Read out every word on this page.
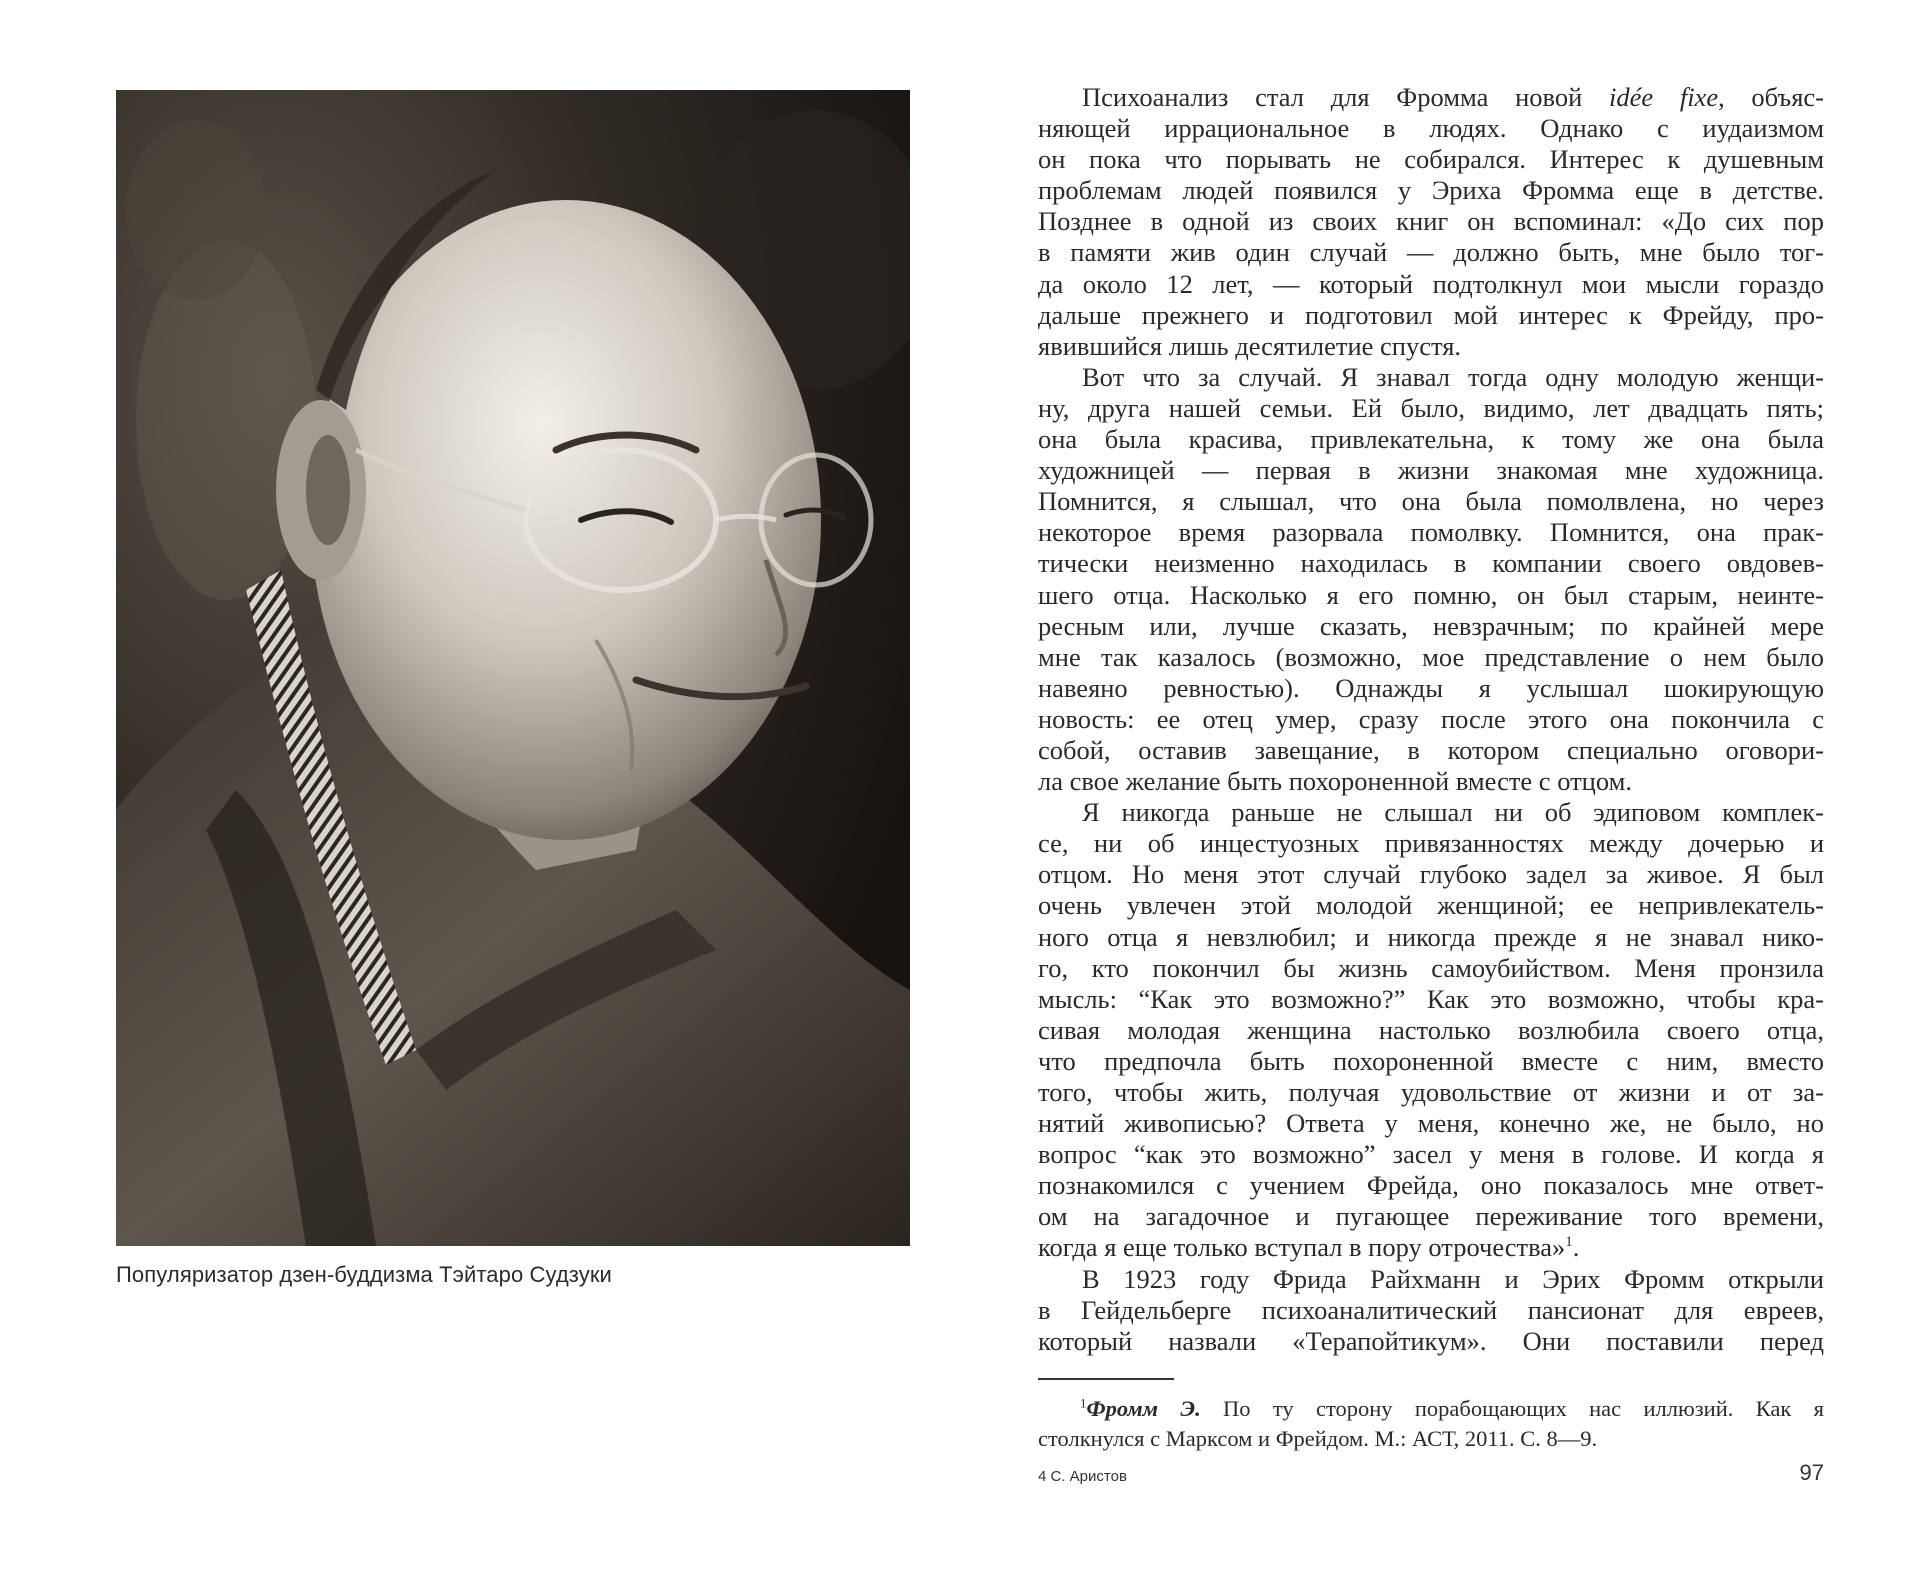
Популяризатор дзен-буддизма Тэйтаро Судзуки

Психоанализ стал для Фромма новой idée fixe, объяс-
няющей иррациональное в людях. Однако с иудаизмом
он пока что порывать не собирался. Интерес к душевным
проблемам людей появился у Эриха Фромма еще в детстве.
Позднее в одной из своих книг он вспоминал: «До сих пор
в памяти жив один случай — должно быть, мне было тог-
да около 12 лет, — который подтолкнул мои мысли гораздо
дальше прежнего и подготовил мой интерес к Фрейду, про-
явившийся лишь десятилетие спустя.

Вот что за случай. Я знавал тогда одну молодую женщи-
ну, друга нашей семьи. Ей было, видимо, лет двадцать пять;
она была красива, привлекательна, к тому же она была
художницей — первая в жизни знакомая мне художница.
Помнится, я слышал, что она была помолвлена, но через
некоторое время разорвала помолвку. Помнится, она прак-
тически неизменно находилась в компании своего овдовев-
шего отца. Насколько я его помню, он был старым, неинте-
ресным или, лучше сказать, невзрачным; по крайней мере
мне так казалось (возможно, мое представление о нем было
навеяно ревностью). Однажды я услышал шокирующую
новость: ее отец умер, сразу после этого она покончила с
собой, оставив завещание, в котором специально оговори-
ла свое желание быть похороненной вместе с отцом.

Я никогда раньше не слышал ни об эдиповом комплек-
се, ни об инцестуозных привязанностях между дочерью и
отцом. Но меня этот случай глубоко задел за живое. Я был
очень увлечен этой молодой женщиной; ее непривлекатель-
ного отца я невзлюбил; и никогда прежде я не знавал нико-
го, кто покончил бы жизнь самоубийством. Меня пронзила
мысль: “Как это возможно?” Как это возможно, чтобы кра-
сивая молодая женщина настолько возлюбила своего отца,
что предпочла быть похороненной вместе с ним, вместо
того, чтобы жить, получая удовольствие от жизни и от за-
нятий живописью? Ответа у меня, конечно же, не было, но
вопрос “как это возможно” засел у меня в голове. И когда я
познакомился с учением Фрейда, оно показалось мне ответ-
ом на загадочное и пугающее переживание того времени,
когда я еще только вступал в пору отрочества»$^1$.

В 1923 году Фрида Райхманн и Эрих Фромм открыли
в Гейдельберге психоаналитический пансионат для евреев,
который назвали «Терапойтикум». Они поставили перед

$^1$Фромм Э. По ту сторону порабощающих нас иллюзий. Как я
столкнулся с Марксом и Фрейдом. М.: АСТ, 2011. С. 8—9.
4 С. Аристов	97
